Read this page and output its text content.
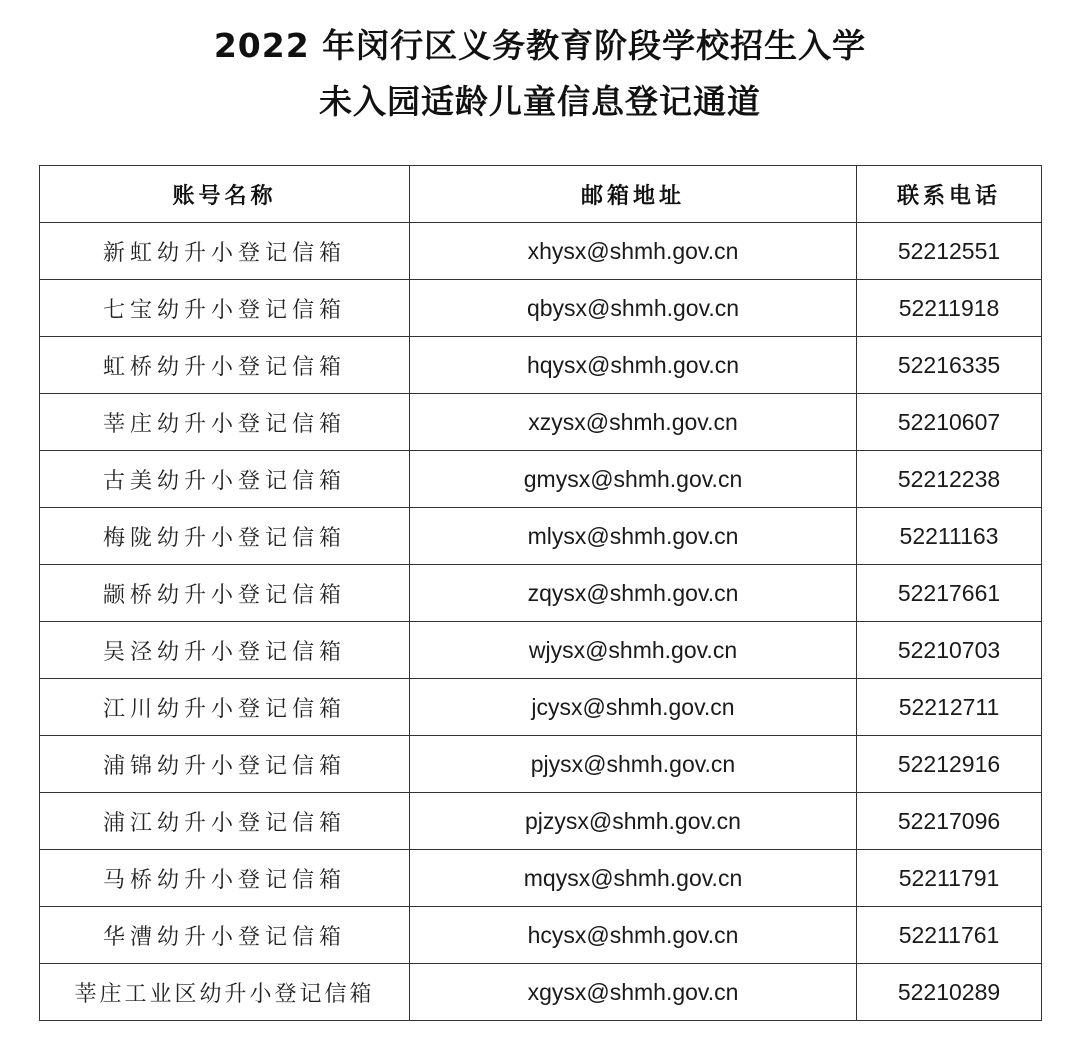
2022 年闵行区义务教育阶段学校招生入学
未入园适龄儿童信息登记通道
账号名称	邮箱地址	联系电话
新虹幼升小登记信箱	xhysx@shmh.gov.cn	52212551
七宝幼升小登记信箱	qbysx@shmh.gov.cn	52211918
虹桥幼升小登记信箱	hqysx@shmh.gov.cn	52216335
莘庄幼升小登记信箱	xzysx@shmh.gov.cn	52210607
古美幼升小登记信箱	gmysx@shmh.gov.cn	52212238
梅陇幼升小登记信箱	mlysx@shmh.gov.cn	52211163
颛桥幼升小登记信箱	zqysx@shmh.gov.cn	52217661
吴泾幼升小登记信箱	wjysx@shmh.gov.cn	52210703
江川幼升小登记信箱	jcysx@shmh.gov.cn	52212711
浦锦幼升小登记信箱	pjysx@shmh.gov.cn	52212916
浦江幼升小登记信箱	pjzysx@shmh.gov.cn	52217096
马桥幼升小登记信箱	mqysx@shmh.gov.cn	52211791
华漕幼升小登记信箱	hcysx@shmh.gov.cn	52211761
莘庄工业区幼升小登记信箱	xgysx@shmh.gov.cn	52210289
